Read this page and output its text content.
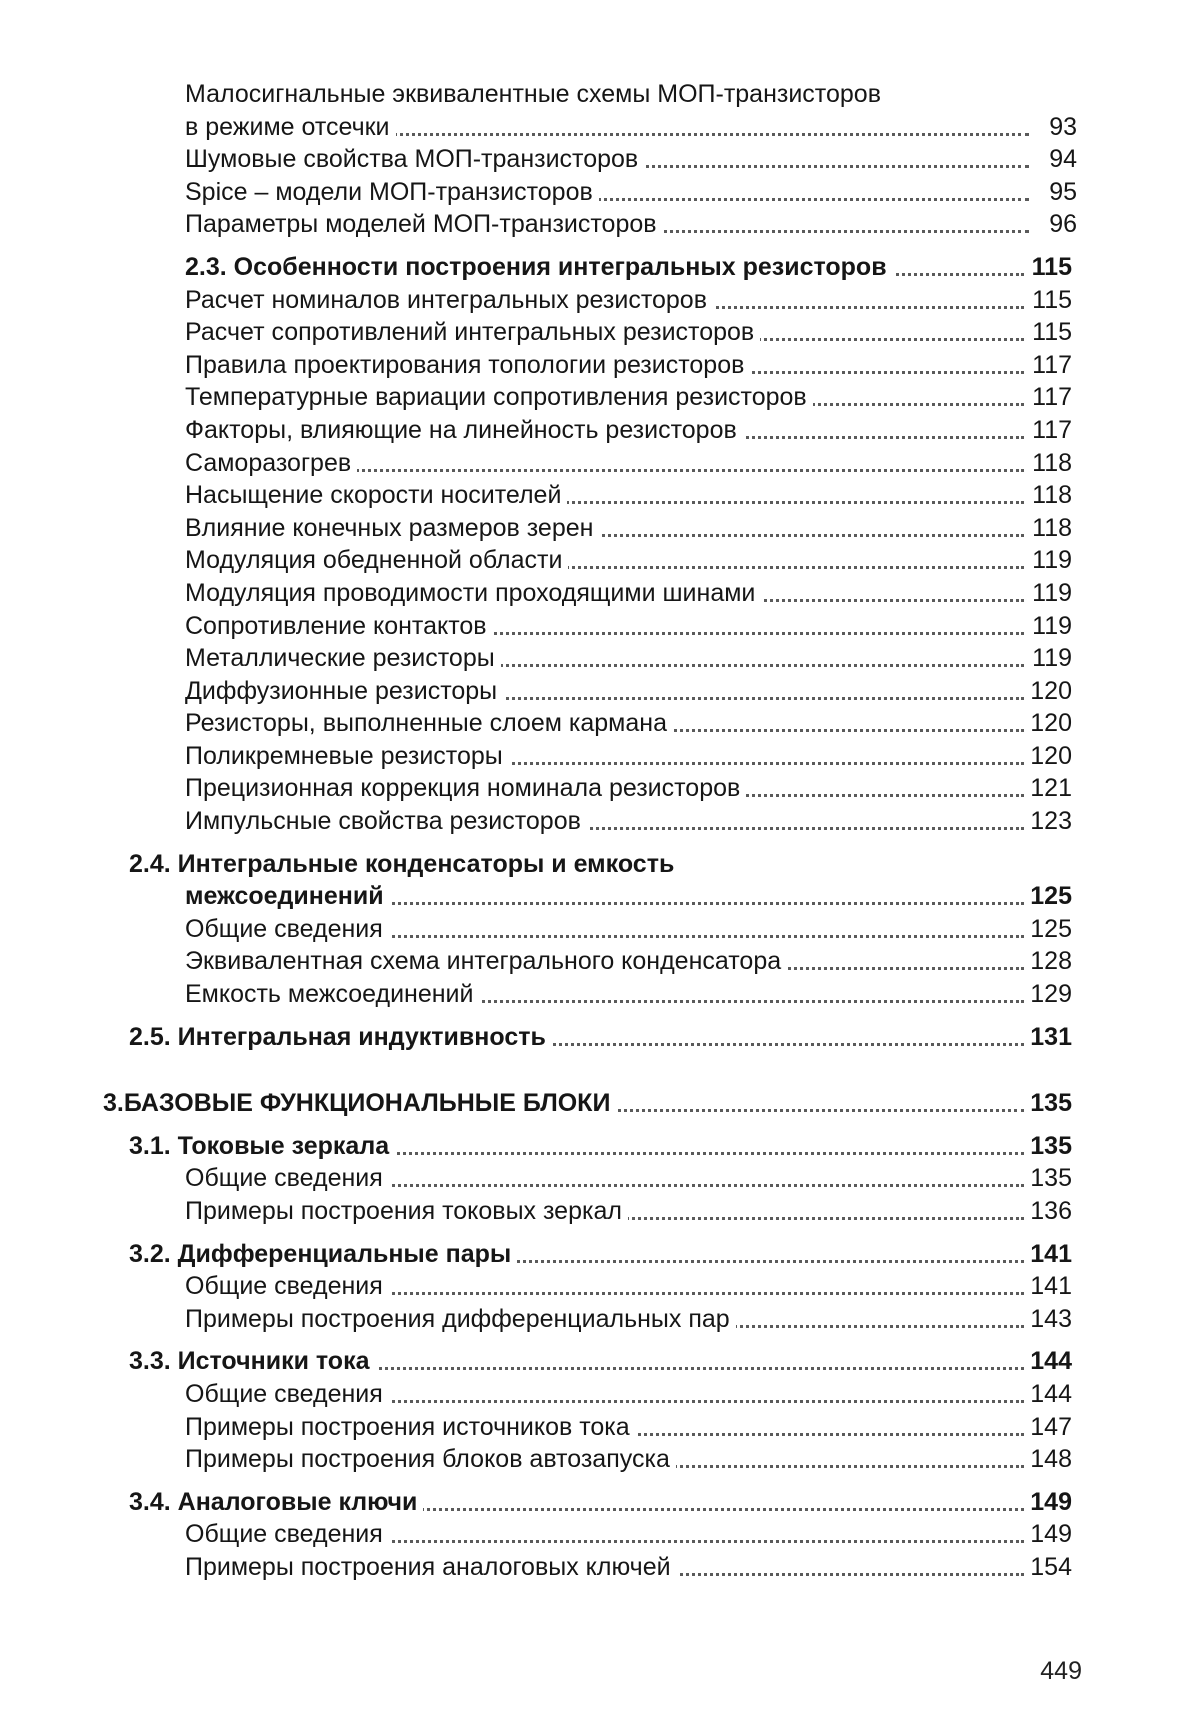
Малосигнальные эквивалентные схемы МОП-транзисторов
в режиме отсечки	93
Шумовые свойства МОП-транзисторов	94
Spice – модели МОП-транзисторов	95
Параметры моделей МОП-транзисторов	96
2.3. Особенности построения интегральных резисторов	115
Расчет номиналов интегральных резисторов	115
Расчет сопротивлений интегральных резисторов	115
Правила проектирования топологии резисторов	117
Температурные вариации сопротивления резисторов	117
Факторы, влияющие на линейность резисторов	117
Саморазогрев	118
Насыщение скорости носителей	118
Влияние конечных размеров зерен	118
Модуляция обедненной области	119
Модуляция проводимости проходящими шинами	119
Сопротивление контактов	119
Металлические резисторы	119
Диффузионные резисторы	120
Резисторы, выполненные слоем кармана	120
Поликремневые резисторы	120
Прецизионная коррекция номинала резисторов	121
Импульсные свойства резисторов	123
2.4. Интегральные конденсаторы и емкость
межсоединений	125
Общие сведения	125
Эквивалентная схема интегрального конденсатора	128
Емкость межсоединений	129
2.5. Интегральная индуктивность	131
3.БАЗОВЫЕ ФУНКЦИОНАЛЬНЫЕ БЛОКИ	135
3.1. Токовые зеркала	135
Общие сведения	135
Примеры построения токовых зеркал	136
3.2. Дифференциальные пары	141
Общие сведения	141
Примеры построения дифференциальных пар	143
3.3. Источники тока	144
Общие сведения	144
Примеры построения источников тока	147
Примеры построения блоков автозапуска	148
3.4. Аналоговые ключи	149
Общие сведения	149
Примеры построения аналоговых ключей	154
449
